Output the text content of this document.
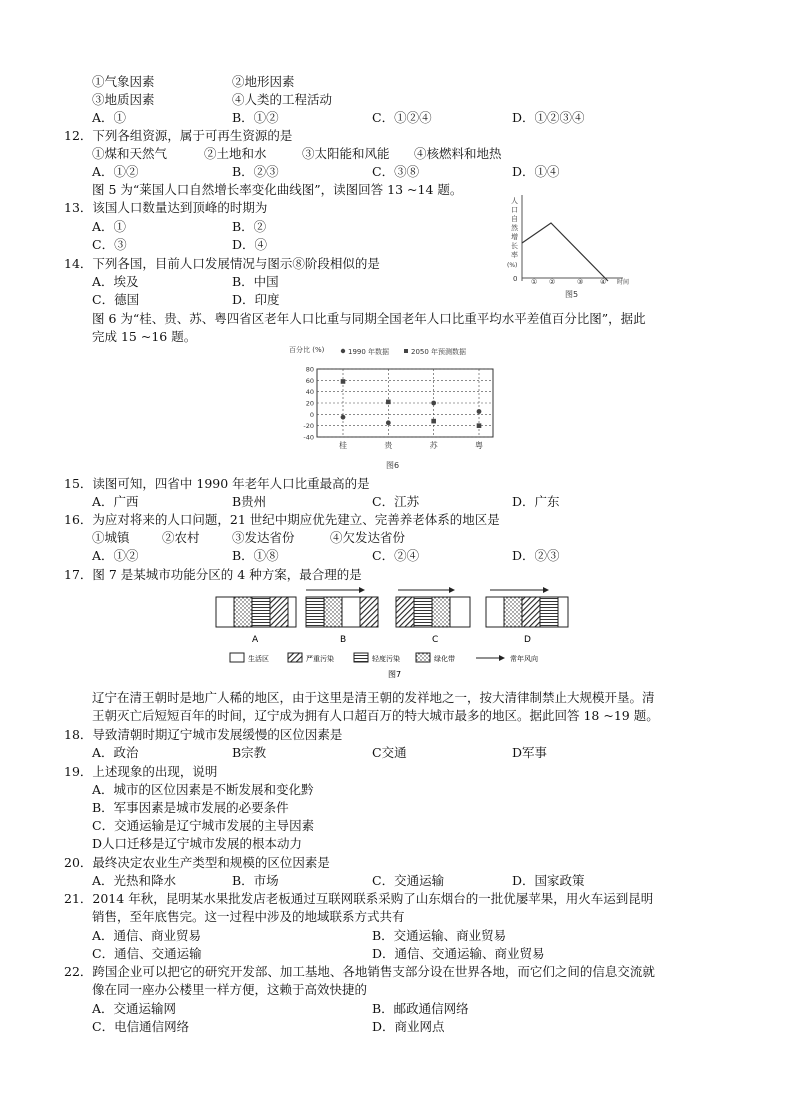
①气象因素	②地形因素
③地质因素	④人类的工程活动
A．①	B．①②	C．①②④	D．①②③④
12．下列各组资源，属于可再生资源的是
①煤和天然气	②土地和水	③太阳能和风能 ④核燃料和地热
A．①②	B．②③	C．③⑧	D．①④
图 5 为“莱国人口自然增长率变化曲线图”，读图回答 13 ~14 题。
13．该国人口数量达到顶峰的时期为
A．①	B．②
C．③	D．④
14．下列各国，目前人口发展情况与图示⑧阶段相似的是
A．埃及	B．中国
C．德国	D．印度
人
口
自
然
增
长
率
(%)
0 ① ②	③ ④ 时间
图5
图 6 为“桂、贵、苏、粤四省区老年人口比重与同期全国老年人口比重平均水平差值百分比图”，据此
完成 15 ~16 题。
百分比 (%)	1990 年数据	2050 年预测数据
80
60
40
20
0
-20
-40
桂	贵	苏	粤
图6
15．读图可知，四省中 1990 年老年人口比重最高的是
A．广西	B贵州	C．江苏	D．广东
16．为应对将来的人口问题，21 世纪中期应优先建立、完善养老体系的地区是
①城镇	②农村	③发达省份	④欠发达省份
A．①②	B．①⑧	C．②④	D．②③
17．图 7 是某城市功能分区的 4 种方案，最合理的是
A	B	C	D
生活区	严重污染	轻度污染	绿化带	常年风向
图7
辽宁在清王朝时是地广人稀的地区，由于这里是清王朝的发祥地之一，按大清律制禁止大规模开垦。清
王朝灭亡后短短百年的时间，辽宁成为拥有人口超百万的特大城市最多的地区。据此回答 18 ~19 题。
18．导致清朝时期辽宁城市发展缓慢的区位因素是
A．政治	B宗教	C交通	D军事
19．上述现象的出现，说明
A．城市的区位因素是不断发展和变化黔
B．军事因素是城市发展的必要条件
C．交通运输是辽宁城市发展的主导因素
D人口迁移是辽宁城市发展的根本动力
20．最终决定农业生产类型和规模的区位因素是
A．光热和降水	B．市场	C．交通运输	D．国家政策
21．2014 年秋，昆明某水果批发店老板通过互联网联系采购了山东烟台的一批优屡苹果，用火车运到昆明
销售，至年底售完。这一过程中涉及的地域联系方式共有
A．通信、商业贸易	B．交通运输、商业贸易
C．通信、交通运输	D．通信、交通运输、商业贸易
22．跨国企业可以把它的研究开发部、加工基地、各地销售支部分设在世界各地，而它们之间的信息交流就
像在同一座办公楼里一样方便，这赖于高效快捷的
A．交通运输网	B．邮政通信网络
C．电信通信网络	D．商业网点
